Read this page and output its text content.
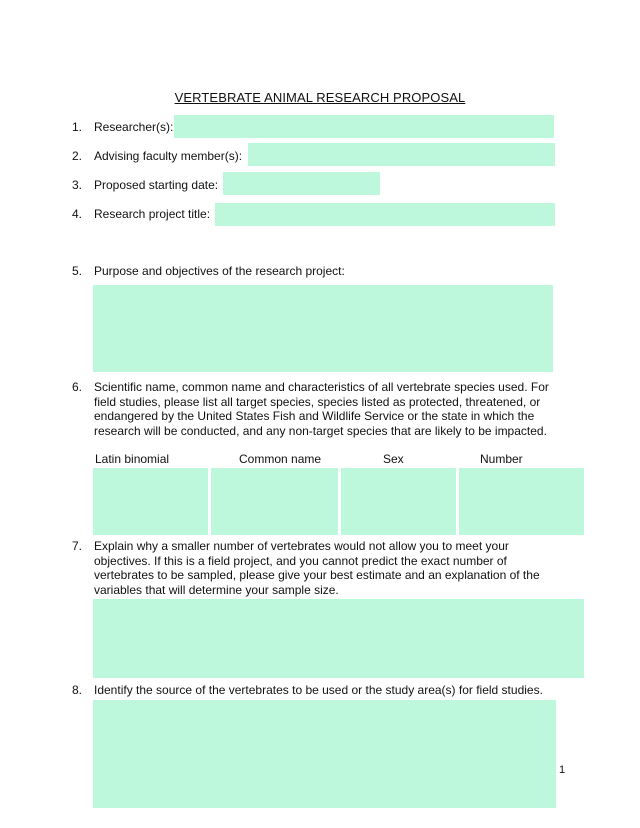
VERTEBRATE ANIMAL RESEARCH PROPOSAL
1. Researcher(s):
2. Advising faculty member(s):
3. Proposed starting date:
4. Research project title:
5. Purpose and objectives of the research project:
6. Scientific name, common name and characteristics of all vertebrate species used. For field studies, please list all target species, species listed as protected, threatened, or endangered by the United States Fish and Wildlife Service or the state in which the research will be conducted, and any non-target species that are likely to be impacted.
Latin binomial	Common name	Sex	Number
7. Explain why a smaller number of vertebrates would not allow you to meet your objectives. If this is a field project, and you cannot predict the exact number of vertebrates to be sampled, please give your best estimate and an explanation of the variables that will determine your sample size.
8. Identify the source of the vertebrates to be used or the study area(s) for field studies.
1
